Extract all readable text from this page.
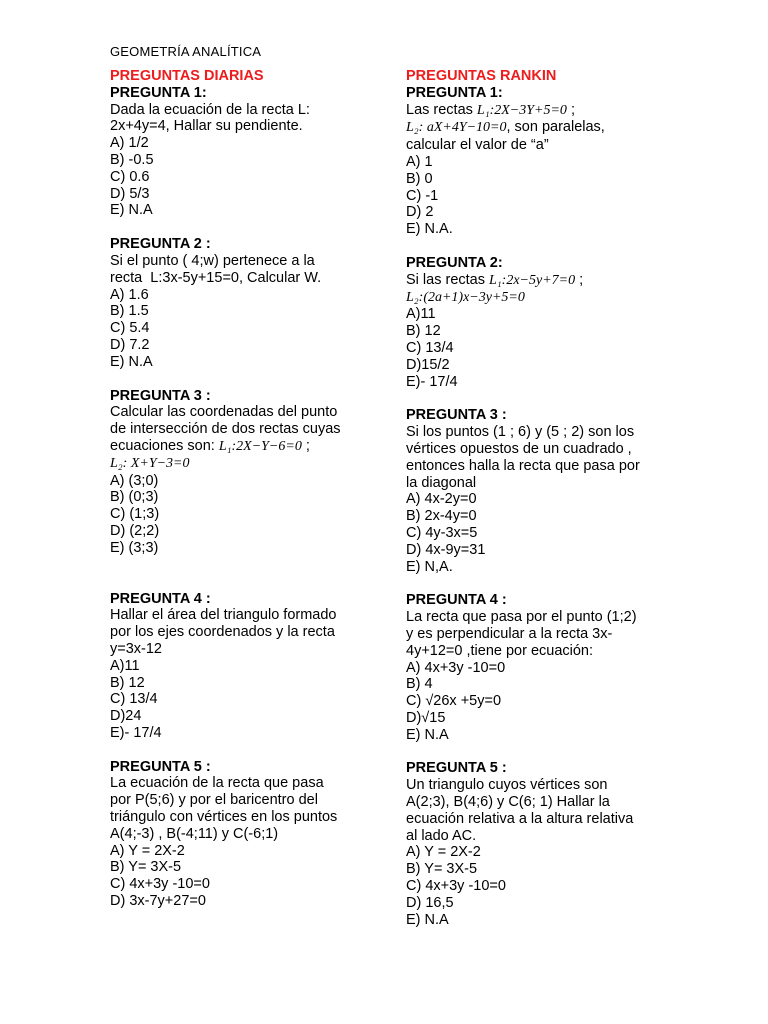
GEOMETRÍA ANALÍTICA
PREGUNTAS DIARIAS
PREGUNTA 1:
Dada la ecuación de la recta L:
2x+4y=4, Hallar su pendiente.
A) 1/2
B) -0.5
C) 0.6
D) 5/3
E) N.A
PREGUNTA 2 :
Si el punto ( 4;w) pertenece a la
recta  L:3x-5y+15=0, Calcular W.
A) 1.6
B) 1.5
C) 5.4
D) 7.2
E) N.A
PREGUNTA 3 :
Calcular las coordenadas del punto
de intersección de dos rectas cuyas
ecuaciones son: L₁:2X−Y−6=0 ;
L₂: X+Y−3=0
A) (3;0)
B) (0;3)
C) (1;3)
D) (2;2)
E) (3;3)
PREGUNTA 4 :
Hallar el área del triangulo formado
por los ejes coordenados y la recta
y=3x-12
A)11
B) 12
C) 13/4
D)24
E)- 17/4
PREGUNTA 5 :
La ecuación de la recta que pasa
por P(5;6) y por el baricentro del
triángulo con vértices en los puntos
A(4;-3) , B(-4;11) y C(-6;1)
A) Y = 2X-2
B) Y= 3X-5
C) 4x+3y -10=0
D) 3x-7y+27=0
PREGUNTAS RANKIN
PREGUNTA 1:
Las rectas L₁:2X−3Y+5=0 ;
L₂: aX+4Y−10=0, son paralelas,
calcular el valor de “a”
A) 1
B) 0
C) -1
D) 2
E) N.A.
PREGUNTA 2:
Si las rectas L₁:2x−5y+7=0 ;
L₂:(2a+1)x−3y+5=0
A)11
B) 12
C) 13/4
D)15/2
E)- 17/4
PREGUNTA 3 :
Si los puntos (1 ; 6) y (5 ; 2) son los
vértices opuestos de un cuadrado ,
entonces halla la recta que pasa por
la diagonal
A) 4x-2y=0
B) 2x-4y=0
C) 4y-3x=5
D) 4x-9y=31
E) N,A.
PREGUNTA 4 :
La recta que pasa por el punto (1;2)
y es perpendicular a la recta 3x-
4y+12=0 ,tiene por ecuación:
A) 4x+3y -10=0
B) 4
C) √26x +5y=0
D)√15
E) N.A
PREGUNTA 5 :
Un triangulo cuyos vértices son
A(2;3), B(4;6) y C(6; 1) Hallar la
ecuación relativa a la altura relativa
al lado AC.
A) Y = 2X-2
B) Y= 3X-5
C) 4x+3y -10=0
D) 16,5
E) N.A
